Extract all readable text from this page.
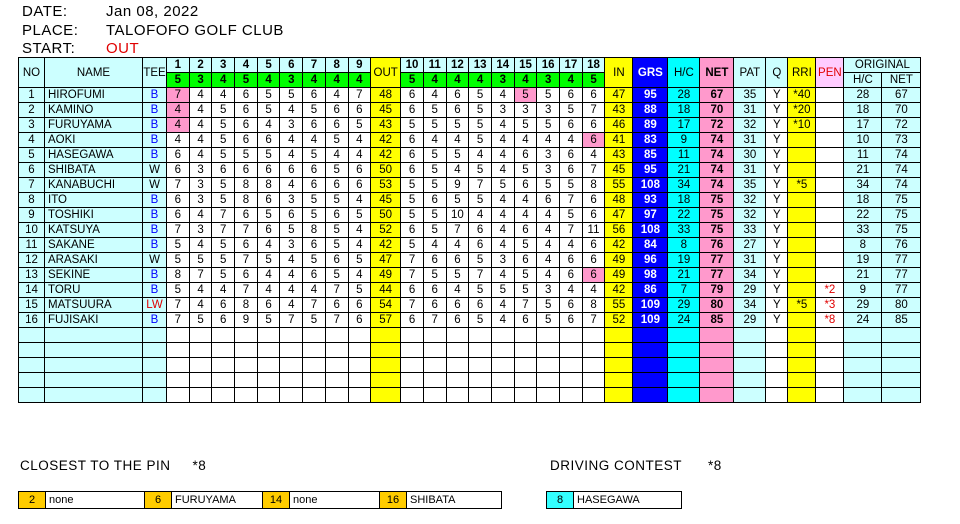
DATE:	Jan 08, 2022
PLACE: TALOFOFO GOLF CLUB
START: OUT
NO	NAME	TEE	1	2	3	4	5	6	7	8	9	OUT	10	11	12	13	14	15	16	17	18	IN	GRS	H/C	NET	PAT	Q	RRI	PEN	ORIGINAL	
			5	3	4	5	4	3	4	4	4		5	4	4	4	3	4	3	4	5									H/C	NET
1	HIROFUMI	B	7	4	4	6	5	5	6	4	7	48	6	4	6	5	4	5	5	6	6	47	95	28	67	35	Y	*40		28	67
2	KAMINO	B	4	4	5	6	5	4	5	6	6	45	6	5	6	5	3	3	3	5	7	43	88	18	70	31	Y	*20		18	70
3	FURUYAMA	B	4	4	5	6	4	3	6	6	5	43	5	5	5	5	4	5	5	6	6	46	89	17	72	32	Y	*10		17	72
4	AOKI	B	4	4	5	6	6	4	4	5	4	42	6	4	4	5	4	4	4	4	6	41	83	9	74	31	Y			10	73
5	HASEGAWA	B	6	4	5	5	5	4	5	4	4	42	6	5	5	4	4	6	3	6	4	43	85	11	74	30	Y			11	74
6	SHIBATA	W	6	3	6	6	6	6	6	5	6	50	6	5	4	5	4	5	3	6	7	45	95	21	74	31	Y			21	74
7	KANABUCHI	W	7	3	5	8	8	4	6	6	6	53	5	5	9	7	5	6	5	5	8	55	108	34	74	35	Y	*5		34	74
8	ITO	B	6	3	5	8	6	3	5	5	4	45	5	6	5	5	4	4	6	7	6	48	93	18	75	32	Y			18	75
9	TOSHIKI	B	6	4	7	6	5	6	5	6	5	50	5	5	10	4	4	4	4	5	6	47	97	22	75	32	Y			22	75
10	KATSUYA	B	7	3	7	7	6	5	8	5	4	52	6	5	7	6	4	6	4	7	11	56	108	33	75	33	Y			33	75
11	SAKANE	B	5	4	5	6	4	3	6	5	4	42	5	4	4	6	4	5	4	4	6	42	84	8	76	27	Y			8	76
12	ARASAKI	W	5	5	5	7	5	4	5	6	5	47	7	6	6	5	3	6	4	6	6	49	96	19	77	31	Y			19	77
13	SEKINE	B	8	7	5	6	4	4	6	5	4	49	7	5	5	7	4	5	4	6	6	49	98	21	77	34	Y			21	77
14	TORU	B	5	4	4	7	4	4	4	7	5	44	6	6	4	5	5	5	3	4	4	42	86	7	79	29	Y		*2	9	77
15	MATSUURA	LW	7	4	6	8	6	4	7	6	6	54	7	6	6	6	4	7	5	6	8	55	109	29	80	34	Y	*5	*3	29	80
16	FUJISAKI	B	7	5	6	9	5	7	5	7	6	57	6	7	6	5	4	6	5	6	7	52	109	24	85	29	Y		*8	24	85

CLOSEST TO THE PIN *8	DRIVING CONTEST *8
2	none	6	FURUYAMA	14 none	16 SHIBATA	8	HASEGAWA
